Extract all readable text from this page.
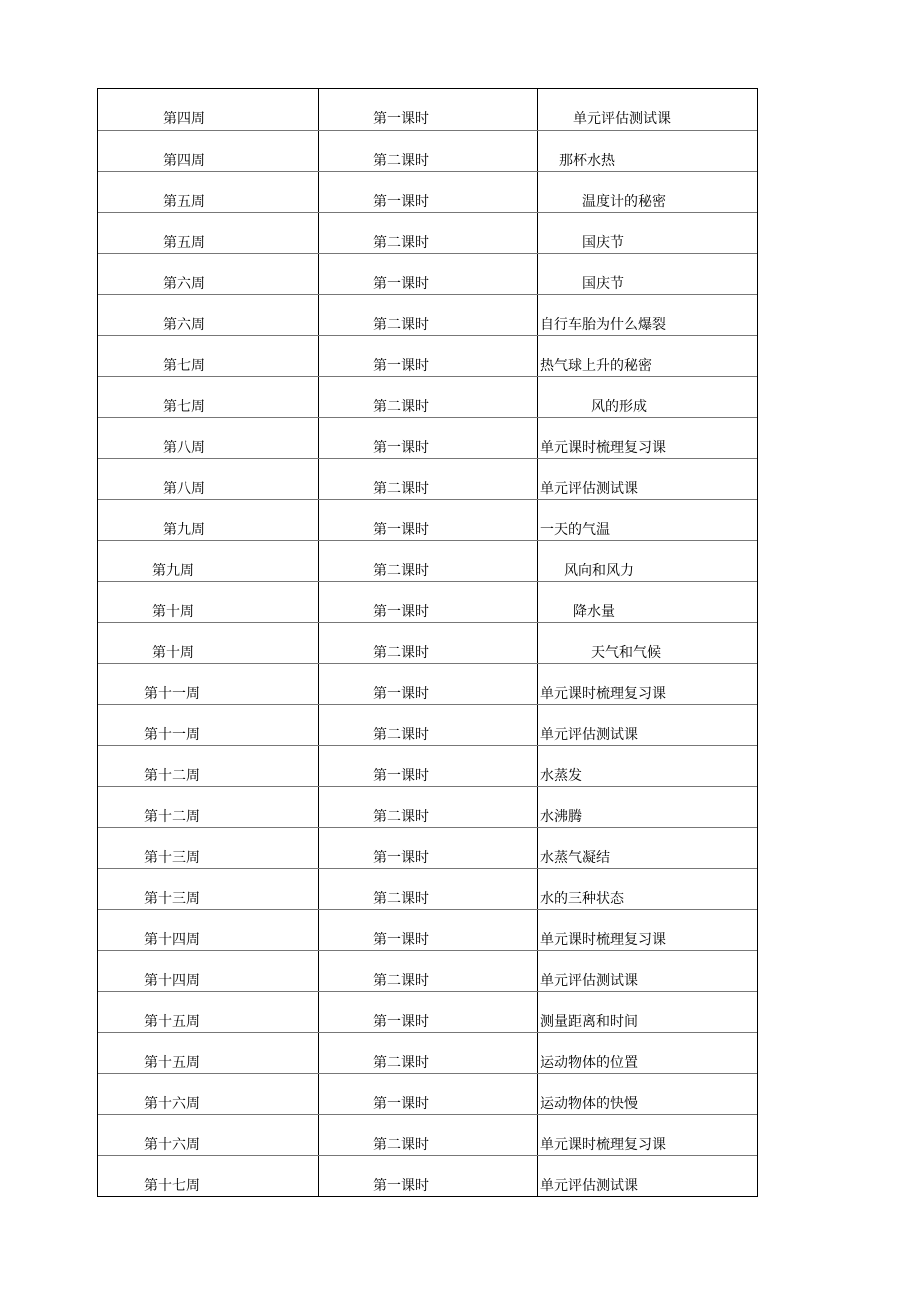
第四周	第一课时	单元评估测试课
第四周	第二课时	那杯水热
第五周	第一课时	温度计的秘密
第五周	第二课时	国庆节
第六周	第一课时	国庆节
第六周	第二课时	自行车胎为什么爆裂
第七周	第一课时	热气球上升的秘密
第七周	第二课时	风的形成
第八周	第一课时	单元课时梳理复习课
第八周	第二课时	单元评估测试课
第九周	第一课时	一天的气温
第九周	第二课时	风向和风力
第十周	第一课时	降水量
第十周	第二课时	天气和气候
第十一周	第一课时	单元课时梳理复习课
第十一周	第二课时	单元评估测试课
第十二周	第一课时	水蒸发
第十二周	第二课时	水沸腾
第十三周	第一课时	水蒸气凝结
第十三周	第二课时	水的三种状态
第十四周	第一课时	单元课时梳理复习课
第十四周	第二课时	单元评估测试课
第十五周	第一课时	测量距离和时间
第十五周	第二课时	运动物体的位置
第十六周	第一课时	运动物体的快慢
第十六周	第二课时	单元课时梳理复习课
第十七周	第一课时	单元评估测试课
